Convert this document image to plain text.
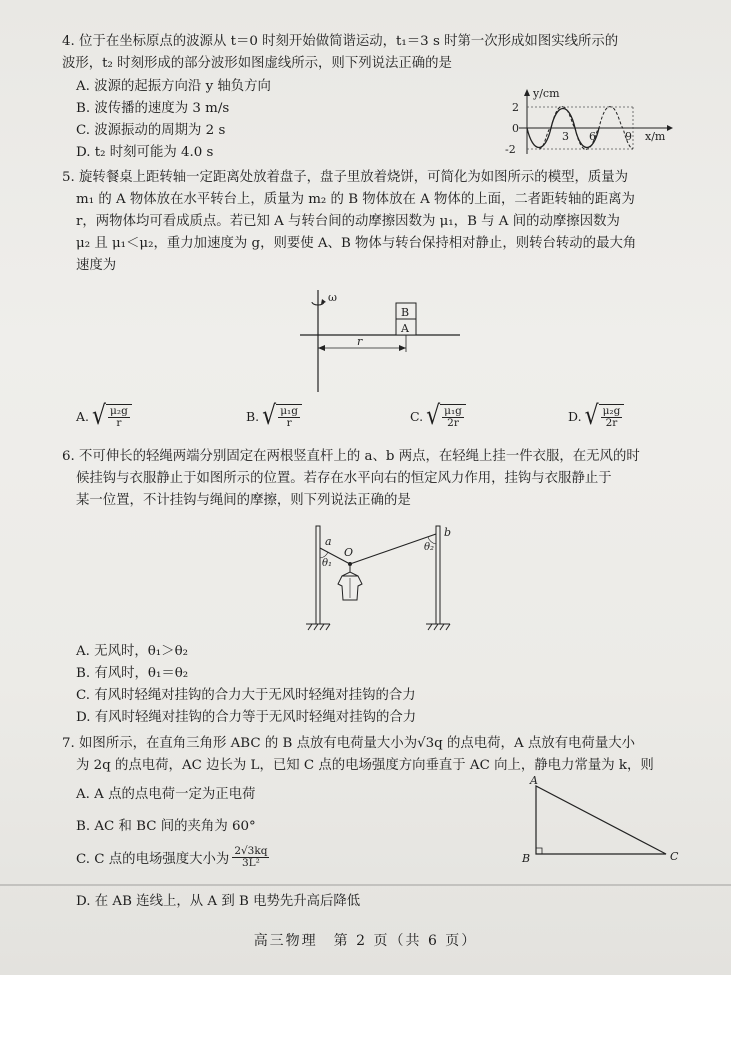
4. 位于在坐标原点的波源从 t＝0 时刻开始做简谐运动，t₁＝3 s 时第一次形成如图实线所示的
波形，t₂ 时刻形成的部分波形如图虚线所示，则下列说法正确的是
A. 波源的起振方向沿 y 轴负方向
B. 波传播的速度为 3 m/s
C. 波源振动的周期为 2 s
D. t₂ 时刻可能为 4.0 s
y/cm
x/m
2
0
-2
3 6	9
5. 旋转餐桌上距转轴一定距离处放着盘子，盘子里放着烧饼，可简化为如图所示的模型，质量为
m₁ 的 A 物体放在水平转台上，质量为 m₂ 的 B 物体放在 A 物体的上面，二者距转轴的距离为
r，两物体均可看成质点。若已知 A 与转台间的动摩擦因数为 μ₁，B 与 A 间的动摩擦因数为
μ₂ 且 μ₁＜μ₂，重力加速度为 g，则要使 A、B 物体与转台保持相对静止，则转台转动的最大角
速度为
ω
A
B
r
A. √ $\frac{\text{μ₂g}}{r}$	B. √ $\frac{\text{μ₁g}}{r}$	C. √ $\frac{\text{μ₁g}}{2r}$	D. √ $\frac{\text{μ₂g}}{2r}$
6. 不可伸长的轻绳两端分别固定在两根竖直杆上的 a、b 两点，在轻绳上挂一件衣服，在无风的时
候挂钩与衣服静止于如图所示的位置。若存在水平向右的恒定风力作用，挂钩与衣服静止于
某一位置，不计挂钩与绳间的摩擦，则下列说法正确的是
a
b
O
θ₁
θ₂
A. 无风时，θ₁＞θ₂
B. 有风时，θ₁＝θ₂
C. 有风时轻绳对挂钩的合力大于无风时轻绳对挂钩的合力
D. 有风时轻绳对挂钩的合力等于无风时轻绳对挂钩的合力
7. 如图所示，在直角三角形 ABC 的 B 点放有电荷量大小为√3q 的点电荷，A 点放有电荷量大小
为 2q 的点电荷，AC 边长为 L，已知 C 点的电场强度方向垂直于 AC 向上，静电力常量为 k，则
A. A 点的点电荷一定为正电荷
B. AC 和 BC 间的夹角为 60°
C. C 点的电场强度大小为 $\frac{2√3kq}{\text{3L²}}$
D. 在 AB 连线上，从 A 到 B 电势先升高后降低
A
B	C
高三物理　第 2 页（共 6 页）
